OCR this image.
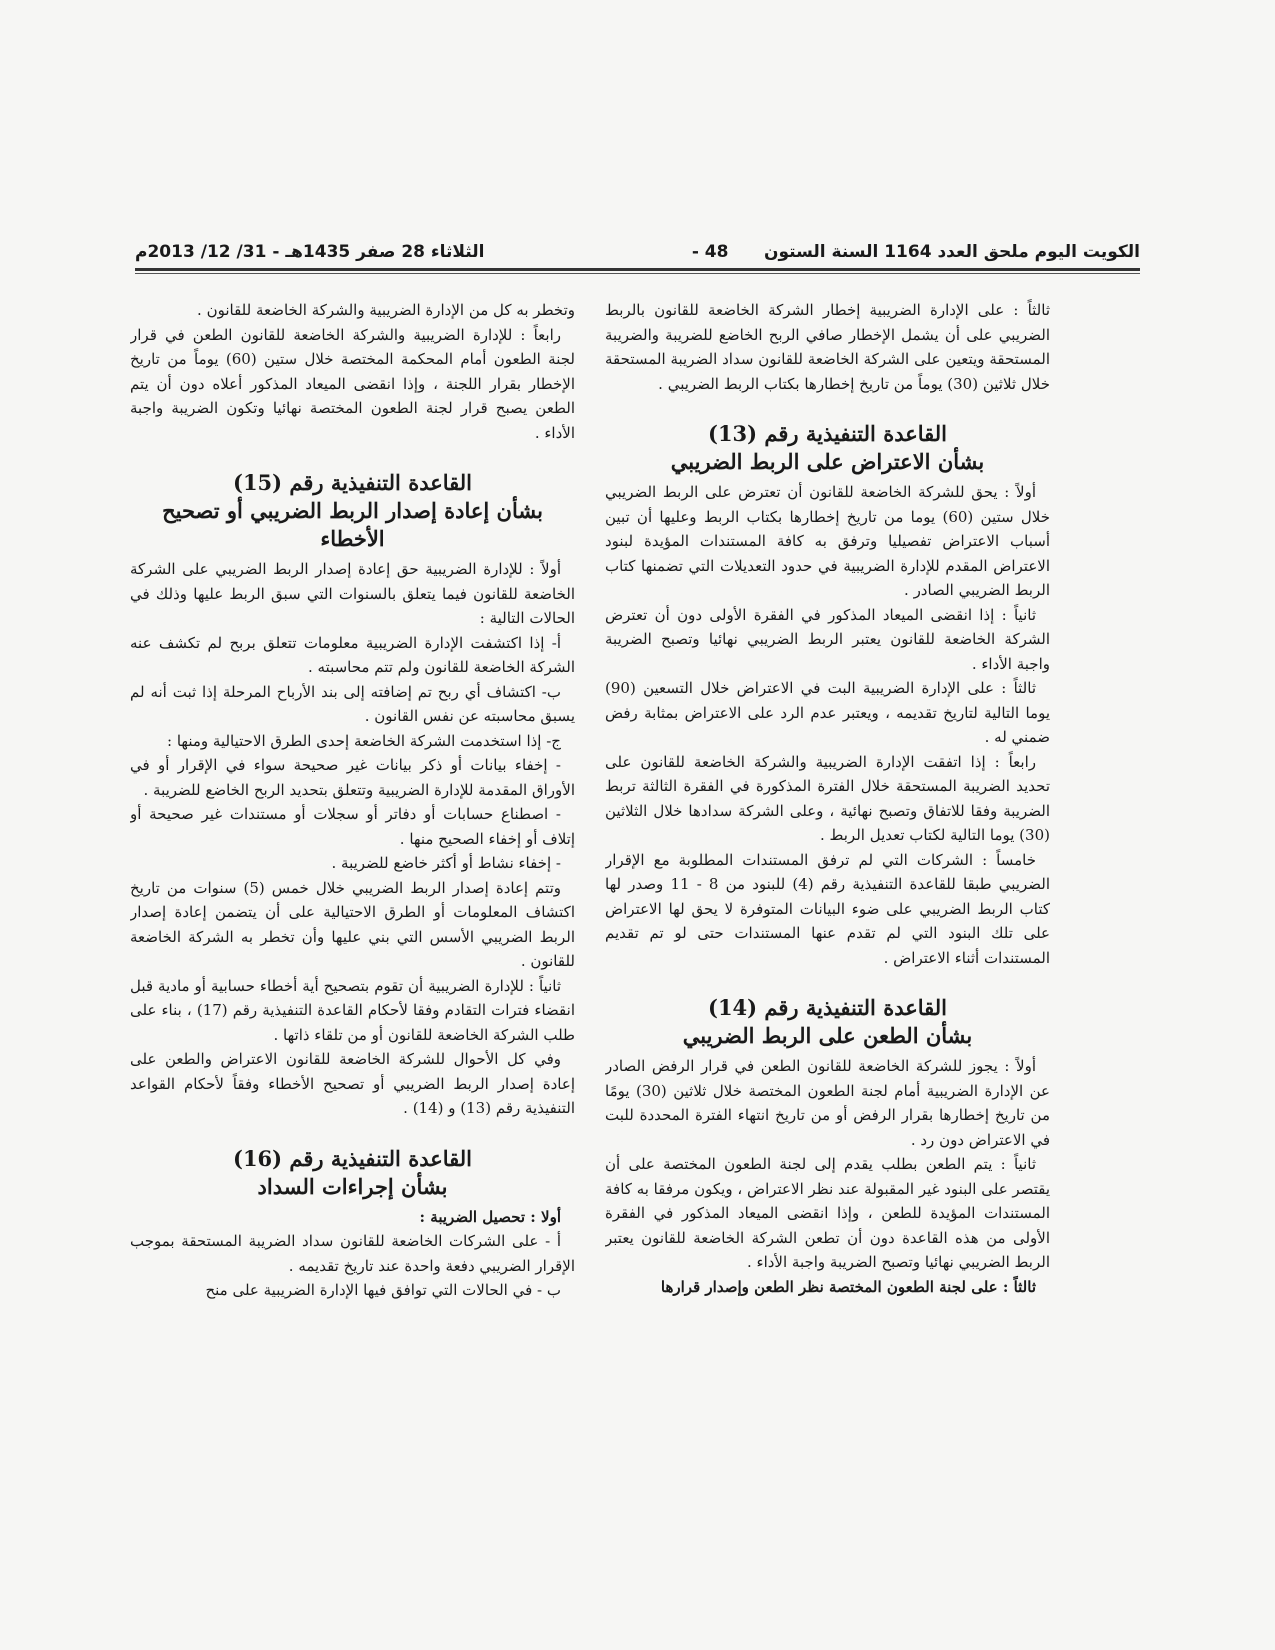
الكويت اليوم ملحق العدد 1164 السنة الستون      48 -
الثلاثاء 28 صفر 1435هـ - 31/ 12/ 2013م

ثالثاً : على الإدارة الضريبية إخطار الشركة الخاضعة للقانون بالربط الضريبي على أن يشمل الإخطار صافي الربح الخاضع للضريبة والضريبة المستحقة ويتعين على الشركة الخاضعة للقانون سداد الضريبة المستحقة خلال ثلاثين (30) يوماً من تاريخ إخطارها بكتاب الربط الضريبي .

القاعدة التنفيذية رقم (13)
بشأن الاعتراض على الربط الضريبي

أولاً : يحق للشركة الخاضعة للقانون أن تعترض على الربط الضريبي خلال ستين (60) يوما من تاريخ إخطارها بكتاب الربط وعليها أن تبين أسباب الاعتراض تفصيليا وترفق به كافة المستندات المؤيدة لبنود الاعتراض المقدم للإدارة الضريبية في حدود التعديلات التي تضمنها كتاب الربط الضريبي الصادر .

ثانياً : إذا انقضى الميعاد المذكور في الفقرة الأولى دون أن تعترض الشركة الخاضعة للقانون يعتبر الربط الضريبي نهائيا وتصبح الضريبة واجبة الأداء .

ثالثاً : على الإدارة الضريبية البت في الاعتراض خلال التسعين (90) يوما التالية لتاريخ تقديمه ، ويعتبر عدم الرد على الاعتراض بمثابة رفض ضمني له .

رابعاً : إذا اتفقت الإدارة الضريبية والشركة الخاضعة للقانون على تحديد الضريبة المستحقة خلال الفترة المذكورة في الفقرة الثالثة تربط الضريبة وفقا للاتفاق وتصبح نهائية ، وعلى الشركة سدادها خلال الثلاثين (30) يوما التالية لكتاب تعديل الربط .

خامساً : الشركات التي لم ترفق المستندات المطلوبة مع الإقرار الضريبي طبقا للقاعدة التنفيذية رقم (4) للبنود من 8 - 11 وصدر لها كتاب الربط الضريبي على ضوء البيانات المتوفرة لا يحق لها الاعتراض على تلك البنود التي لم تقدم عنها المستندات حتى لو تم تقديم المستندات أثناء الاعتراض .

القاعدة التنفيذية رقم (14)
بشأن الطعن على الربط الضريبي

أولاً : يجوز للشركة الخاضعة للقانون الطعن في قرار الرفض الصادر عن الإدارة الضريبية أمام لجنة الطعون المختصة خلال ثلاثين (30) يومًا من تاريخ إخطارها بقرار الرفض أو من تاريخ انتهاء الفترة المحددة للبت في الاعتراض دون رد .

ثانياً : يتم الطعن بطلب يقدم إلى لجنة الطعون المختصة على أن يقتصر على البنود غير المقبولة عند نظر الاعتراض ، ويكون مرفقا به كافة المستندات المؤيدة للطعن ، وإذا انقضى الميعاد المذكور في الفقرة الأولى من هذه القاعدة دون أن تطعن الشركة الخاضعة للقانون يعتبر الربط الضريبي نهائيا وتصبح الضريبة واجبة الأداء .

ثالثاً : على لجنة الطعون المختصة نظر الطعن وإصدار قرارها

وتخطر به كل من الإدارة الضريبية والشركة الخاضعة للقانون .

رابعاً : للإدارة الضريبية والشركة الخاضعة للقانون الطعن في قرار لجنة الطعون أمام المحكمة المختصة خلال ستين (60) يوماً من تاريخ الإخطار بقرار اللجنة ، وإذا انقضى الميعاد المذكور أعلاه دون أن يتم الطعن يصبح قرار لجنة الطعون المختصة نهائيا وتكون الضريبة واجبة الأداء .

القاعدة التنفيذية رقم (15)
بشأن إعادة إصدار الربط الضريبي أو تصحيح الأخطاء

أولاً : للإدارة الضريبية حق إعادة إصدار الربط الضريبي على الشركة الخاضعة للقانون فيما يتعلق بالسنوات التي سبق الربط عليها وذلك في الحالات التالية :

أ- إذا اكتشفت الإدارة الضريبية معلومات تتعلق بربح لم تكشف عنه الشركة الخاضعة للقانون ولم تتم محاسبته .

ب- اكتشاف أي ربح تم إضافته إلى بند الأرباح المرحلة إذا ثبت أنه لم يسبق محاسبته عن نفس القانون .

ج- إذا استخدمت الشركة الخاضعة إحدى الطرق الاحتيالية ومنها :

- إخفاء بيانات أو ذكر بيانات غير صحيحة سواء في الإقرار أو في الأوراق المقدمة للإدارة الضريبية وتتعلق بتحديد الربح الخاضع للضريبة .

- اصطناع حسابات أو دفاتر أو سجلات أو مستندات غير صحيحة أو إتلاف أو إخفاء الصحيح منها .

- إخفاء نشاط أو أكثر خاضع للضريبة .

وتتم إعادة إصدار الربط الضريبي خلال خمس (5) سنوات من تاريخ اكتشاف المعلومات أو الطرق الاحتيالية على أن يتضمن إعادة إصدار الربط الضريبي الأسس التي بني عليها وأن تخطر به الشركة الخاضعة للقانون .

ثانياً : للإدارة الضريبية أن تقوم بتصحيح أية أخطاء حسابية أو مادية قبل انقضاء فترات التقادم وفقا لأحكام القاعدة التنفيذية رقم (17) ، بناء على طلب الشركة الخاضعة للقانون أو من تلقاء ذاتها .

وفي كل الأحوال للشركة الخاضعة للقانون الاعتراض والطعن على إعادة إصدار الربط الضريبي أو تصحيح الأخطاء وفقاً لأحكام القواعد التنفيذية رقم (13) و (14) .

القاعدة التنفيذية رقم (16)
بشأن إجراءات السداد

أولا : تحصيل الضريبة :

أ - على الشركات الخاضعة للقانون سداد الضريبة المستحقة بموجب الإقرار الضريبي دفعة واحدة عند تاريخ تقديمه .

ب - في الحالات التي توافق فيها الإدارة الضريبية على منح
